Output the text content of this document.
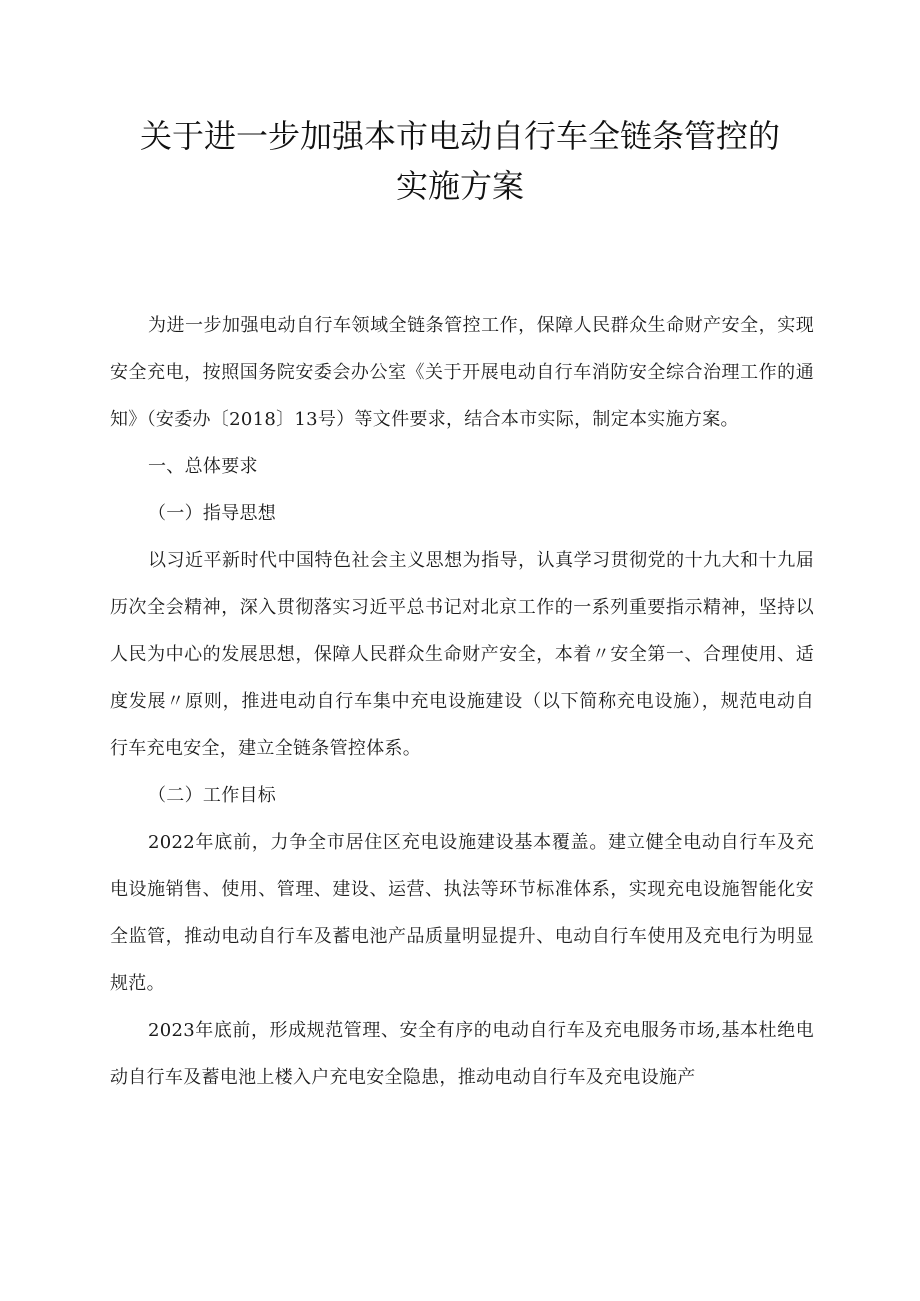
关于进一步加强本市电动自行车全链条管控的
实施方案

为进一步加强电动自行车领域全链条管控工作，保障人民群众生命财产安全，实现安全充电，按照国务院安委会办公室《关于开展电动自行车消防安全综合治理工作的通知》（安委办〔2018〕13号）等文件要求，结合本市实际，制定本实施方案。

一、总体要求

（一）指导思想

以习近平新时代中国特色社会主义思想为指导，认真学习贯彻党的十九大和十九届历次全会精神，深入贯彻落实习近平总书记对北京工作的一系列重要指示精神，坚持以人民为中心的发展思想，保障人民群众生命财产安全，本着〃安全第一、合理使用、适度发展〃原则，推进电动自行车集中充电设施建设（以下简称充电设施），规范电动自行车充电安全，建立全链条管控体系。

（二）工作目标

2022年底前，力争全市居住区充电设施建设基本覆盖。建立健全电动自行车及充电设施销售、使用、管理、建设、运营、执法等环节标准体系，实现充电设施智能化安全监管，推动电动自行车及蓄电池产品质量明显提升、电动自行车使用及充电行为明显规范。

2023年底前，形成规范管理、安全有序的电动自行车及充电服务市场,基本杜绝电动自行车及蓄电池上楼入户充电安全隐患，推动电动自行车及充电设施产
